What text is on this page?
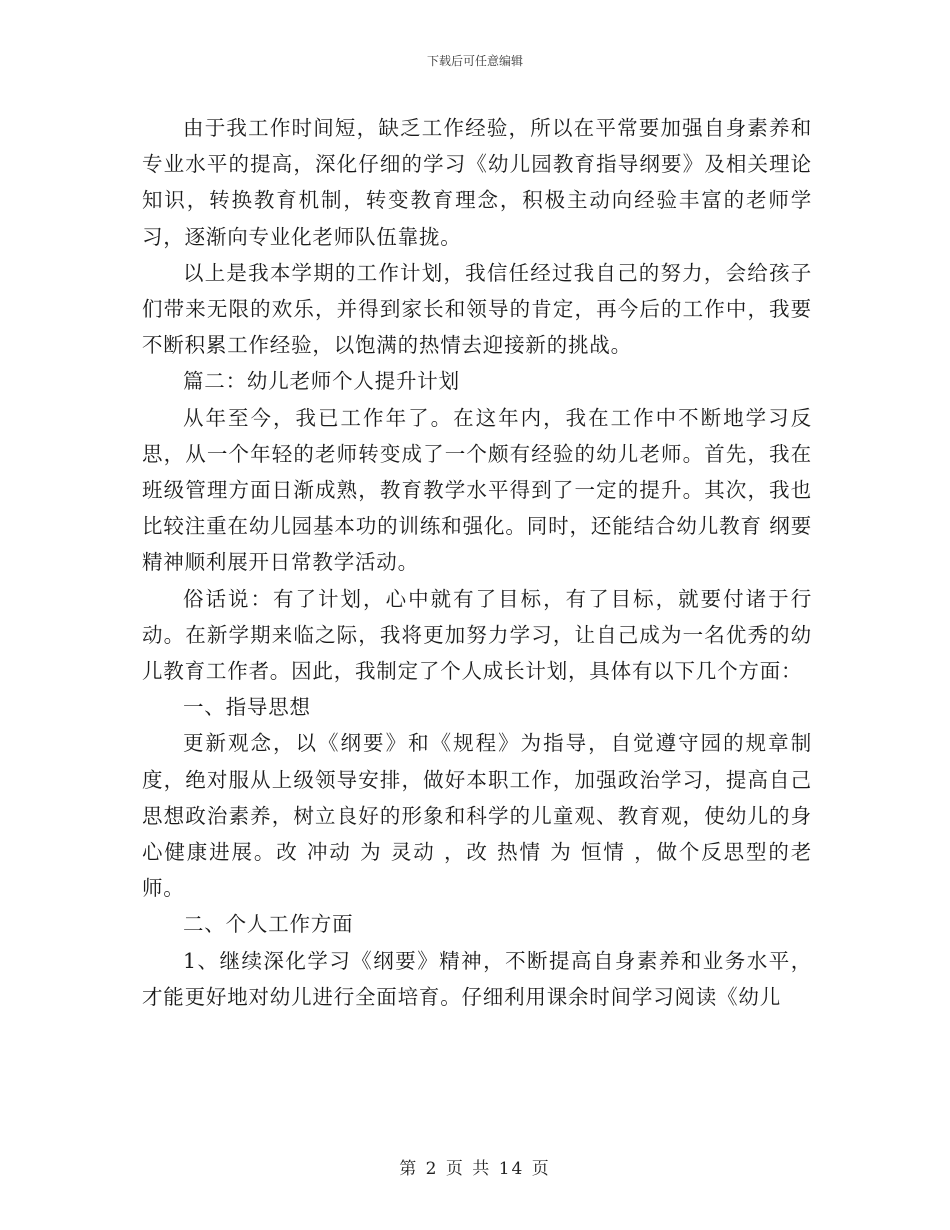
下载后可任意编辑

由于我工作时间短，缺乏工作经验，所以在平常要加强自身素养和专业水平的提高，深化仔细的学习《幼儿园教育指导纲要》及相关理论知识，转换教育机制，转变教育理念，积极主动向经验丰富的老师学习，逐渐向专业化老师队伍靠拢。

以上是我本学期的工作计划，我信任经过我自己的努力，会给孩子们带来无限的欢乐，并得到家长和领导的肯定，再今后的工作中，我要不断积累工作经验，以饱满的热情去迎接新的挑战。

篇二：幼儿老师个人提升计划

从年至今，我已工作年了。在这年内，我在工作中不断地学习反思，从一个年轻的老师转变成了一个颇有经验的幼儿老师。首先，我在班级管理方面日渐成熟，教育教学水平得到了一定的提升。其次，我也比较注重在幼儿园基本功的训练和强化。同时，还能结合幼儿教育 纲要 精神顺利展开日常教学活动。

俗话说：有了计划，心中就有了目标，有了目标，就要付诸于行动。在新学期来临之际，我将更加努力学习，让自己成为一名优秀的幼儿教育工作者。因此，我制定了个人成长计划，具体有以下几个方面：

一、指导思想

更新观念，以《纲要》和《规程》为指导，自觉遵守园的规章制度，绝对服从上级领导安排，做好本职工作，加强政治学习，提高自己思想政治素养，树立良好的形象和科学的儿童观、教育观，使幼儿的身心健康进展。改 冲动 为 灵动 ，改 热情 为 恒情 ，做个反思型的老师。

二、个人工作方面

1、继续深化学习《纲要》精神，不断提高自身素养和业务水平，才能更好地对幼儿进行全面培育。仔细利用课余时间学习阅读《幼儿

第 2 页 共 14 页
